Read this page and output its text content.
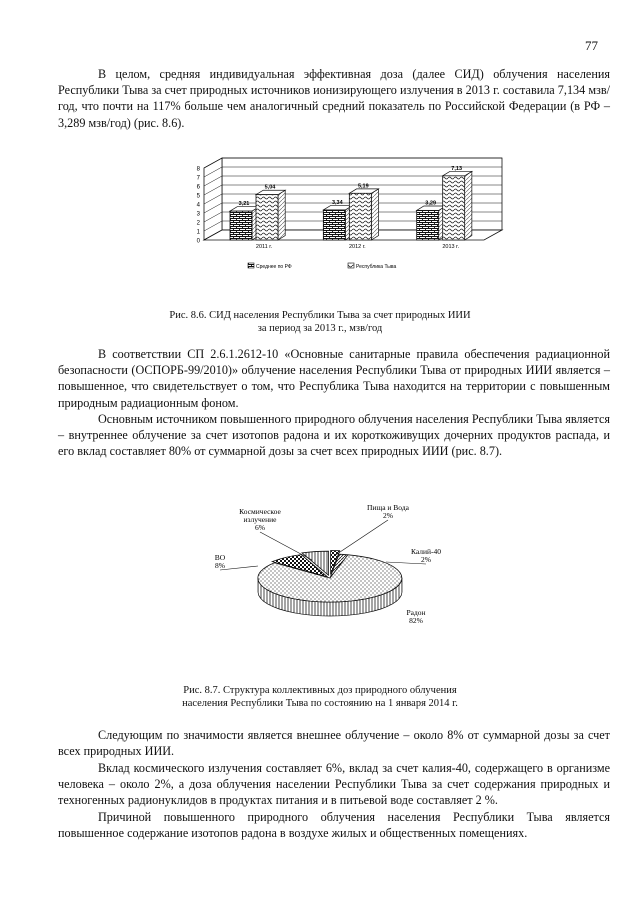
77

В целом, средняя индивидуальная эффективная доза (далее СИД) облучения населения Республики Тыва за счет природных источников ионизирующего излучения в 2013 г. составила 7,134 мзв/год, что почти на 117% больше чем аналогичный средний показатель по Российской Федерации (в РФ – 3,289 мзв/год) (рис. 8.6).

0
1
2
3
4
5
6
7
8
3,21
5,04
2011 г.
3,34
5,19
2012 г.
3,29
7,13
2013 г.
Среднее по РФ	Республика Тыва
Рис. 8.6. СИД населения Республики Тыва за счет природных ИИИ
за период за 2013 г., мзв/год

В соответствии СП 2.6.1.2612-10 «Основные санитарные правила обеспечения радиационной безопасности (ОСПОРБ-99/2010)» облучение населения Республики Тыва от природных ИИИ является – повышенное, что свидетельствует о том, что Республика Тыва находится на территории с повышенным природным радиационным фоном.

Основным источником повышенного природного облучения населения Республики Тыва является – внутреннее облучение за счет изотопов радона и их короткоживущих дочерних продуктов распада, и его вклад составляет 80% от суммарной дозы за счет всех природных ИИИ (рис. 8.7).

Пища и Вода
2%
Калий-40
2%
Радон
82%
ВО
8%
Космическое
излучение
6%
Рис. 8.7. Структура коллективных доз природного облучения
населения Республики Тыва по состоянию на 1 января 2014 г.

Следующим по значимости является внешнее облучение – около 8% от суммарной дозы за счет всех природных ИИИ.

Вклад космического излучения составляет 6%, вклад за счет калия-40, содержащего в организме человека – около 2%, а доза облучения населении Республики Тыва за счет содержания природных и техногенных радионуклидов в продуктах питания и в питьевой воде составляет 2 %.

Причиной повышенного природного облучения населения Республики Тыва является повышенное содержание изотопов радона в воздухе жилых и общественных помещениях.
